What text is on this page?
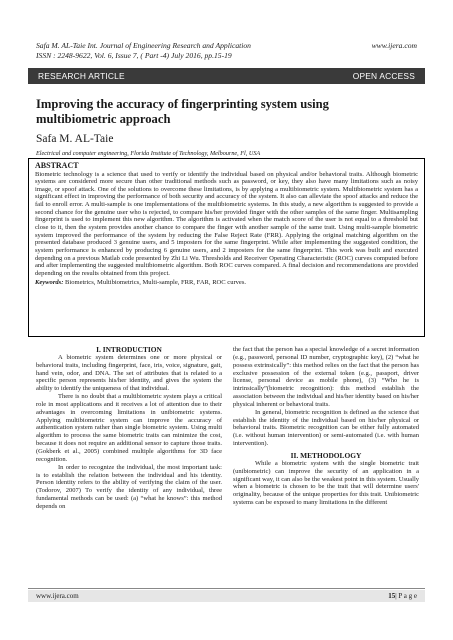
Safa M. AL-Taie Int. Journal of Engineering Research and Application
ISSN : 2248-9622, Vol. 6, Issue 7, ( Part -4) July 2016, pp.15-19
www.ijera.com
RESEARCH ARTICLE	OPEN ACCESS
Improving the accuracy of fingerprinting system using multibiometric approach
Safa M. AL-Taie
Electrical and computer engineering, Florida Institute of Technology, Melbourne, Fl, USA
ABSTRACT

Biometric technology is a science that used to verify or identify the individual based on physical and/or behavioral traits. Although biometric systems are considered more secure than other traditional methods such as password, or key, they also have many limitations such as noisy image, or spoof attack. One of the solutions to overcome these limitations, is by applying a multibiometric system. Multibiometric system has a significant effect in improving the performance of both security and accuracy of the system. It also can alleviate the spoof attacks and reduce the fail to enroll error. A multi-sample is one implementations of the multibiometric systems. In this study, a new algorithm is suggested to provide a second chance for the genuine user who is rejected, to compare his/her provided finger with the other samples of the same finger. Multisampling fingerprint is used to implement this new algorithm. The algorithm is activated when the match score of the user is not equal to a threshold but close to it, then the system provides another chance to compare the finger with another sample of the same trait. Using multi-sample biometric system improved the performance of the system by reducing the False Reject Rate (FRR). Applying the original matching algorithm on the presented database produced 3 genuine users, and 5 imposters for the same fingerprint. While after implementing the suggested condition, the system performance is enhanced by producing 6 genuine users, and 2 imposters for the same fingerprint. This work was built and executed depending on a previous Matlab code presented by Zhi Li Wu. Thresholds and Receiver Operating Characteristic (ROC) curves computed before and after implementing the suggested multibiometric algorithm. Both ROC curves compared. A final decision and recommendations are provided depending on the results obtained from this project.

Keywords: Biometrics, Multibiometrics, Multi-sample, FRR, FAR, ROC curves.

I. INTRODUCTION

A biometric system determines one or more physical or behavioral traits, including fingerprint, face, iris, voice, signature, gait, hand vein, odor, and DNA. The set of attributes that is related to a specific person represents his/her identity, and gives the system the ability to identify the uniqueness of that individual.

There is no doubt that a multibiometric system plays a critical role in most applications and it receives a lot of attention due to their advantages in overcoming limitations in unibiometric systems. Applying multibiometric system can improve the accuracy of authentication system rather than single biometric system. Using multi algorithm to process the same biometric traits can minimize the cost, because it does not require an additional sensor to capture those traits. (Gokberk et al., 2005) combined multiple algorithms for 3D face recognition.

In order to recognize the individual, the most important task: is to establish the relation between the individual and his identity. Person identity refers to the ability of verifying the claim of the user. (Todorov, 2007) To verify the identity of any individual, three fundamental methods can be used: (a) “what he knows”: this method depends on

the fact that the person has a special knowledge of a secret information (e.g., password, personal ID number, cryptographic key), (2) “what he possess extrinsically”: this method relies on the fact that the person has exclusive possession of the external token (e.g., passport, driver license, personal device as mobile phone), (3) “Who he is intrinsically”(biometric recognition): this method establish the association between the individual and his/her identity based on his/her physical inherent or behavioral traits.

In general, biometric recognition is defined as the science that establish the identity of the individual based on his/her physical or behavioral traits. Biometric recognition can be either fully automated (i.e. without human intervention) or semi-automated (i.e. with human intervention).

II. METHODOLOGY

While a biometric system with the single biometric trait (unibiometric) can improve the security of an application in a significant way, it can also be the weakest point in this system. Usually when a biometric is chosen to be the trait that will determine users' originality, because of the unique properties for this trait. Unibiometric systems can be exposed to many limitations in the different

www.ijera.com	15| P a g e
